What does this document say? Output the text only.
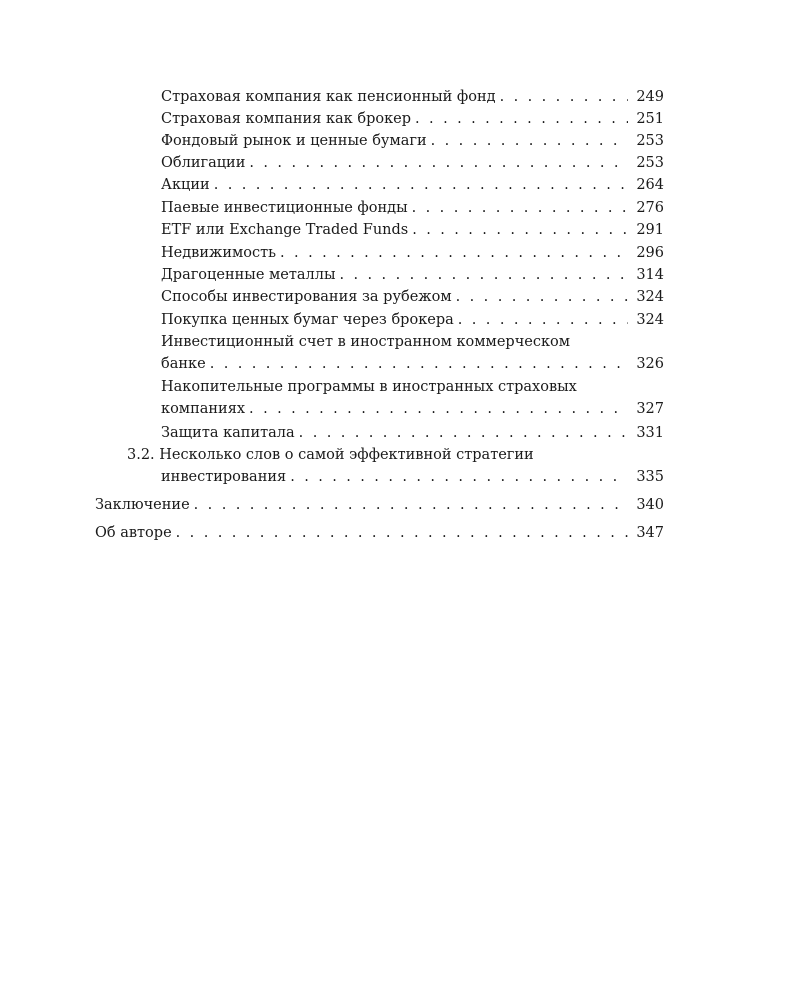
Страховая компания как пенсионный фонд . . .	249
Страховая компания как брокер . . .	251
Фондовый рынок и ценные бумаги . . .	253
Облигации . . .	253
Акции . . .	264
Паевые инвестиционные фонды . . .	276
ETF или Exchange Traded Funds . . .	291
Недвижимость . . .	296
Драгоценные металлы . . .	314
Способы инвестирования за рубежом . . .	324
Покупка ценных бумаг через брокера . . .	324
Инвестиционный счет в иностранном коммерческом
банке . . .	326
Накопительные программы в иностранных страховых
компаниях . . .	327
Защита капитала . . .	331
3.2. Несколько слов о самой эффективной стратегии
инвестирования . . .	335
Заключение . . .	340
Об авторе . . .	347
